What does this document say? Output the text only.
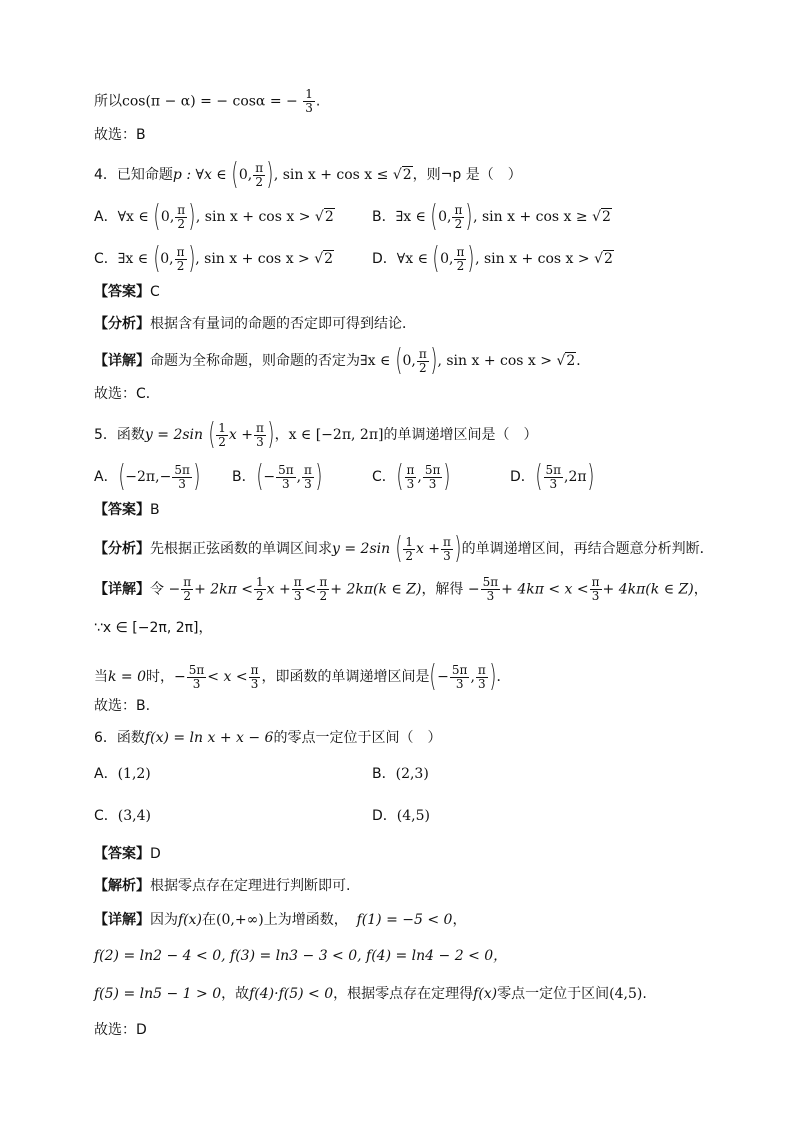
所以cos(π − α) = − cosα = − $\frac{1}{3}$ .
故选：B
4．已知命题p : ∀x ∈ (0, $\frac{\pi}{2}$ ), sin x + cos x ≤ √2，则¬p 是（　）
A．∀x ∈ (0, $\frac{\pi}{2}$ ), sin x + cos x > √2	B．∃x ∈ (0, $\frac{\pi}{2}$ ), sin x + cos x ≥ √2
C．∃x ∈ (0, $\frac{\pi}{2}$ ), sin x + cos x > √2	D．∀x ∈ (0, $\frac{\pi}{2}$ ), sin x + cos x > √2
【答案】C
【分析】根据含有量词的命题的否定即可得到结论．
【详解】命题为全称命题，则命题的否定为∃x ∈ (0, $\frac{\pi}{2}$ ), sin x + cos x > √2．
故选：C．
5．函数y = 2sin ( $\frac{1}{2}$ $x + \frac{\pi}{3}$ )，x ∈ [−2π, 2π]的单调递增区间是（　）
A．($-2\pi,- \frac{5\pi}{3}$ ) B．(− $\frac{5\pi}{3}$ , $\frac{\pi}{3}$ )	C．( $\frac{\pi}{3}$ , $\frac{5\pi}{3}$ )	D．( $\frac{5\pi}{3} ,2\pi$)
【答案】B
【分析】先根据正弦函数的单调区间求y = 2sin ( $\frac{1}{2}$ $x + \frac{\pi}{3}$ )的单调递增区间，再结合题意分析判断．
【详解】令 − $\frac{\pi}{2} + 2k\pi < \frac{1}{2}$ $x + \frac{\pi}{3} < \frac{\pi}{2} + 2k\pi(k$ ∈ Z)，解得 − $\frac{5\pi}{3} + 4k\pi < x < \frac{\pi}{3} + 4k\pi(k$ ∈ Z)，
∵x ∈ [−2π, 2π]，
当k = 0时，− $\frac{5\pi}{3} < x < \frac{\pi}{3}$ ，即函数的单调递增区间是(− $\frac{5\pi}{3}$ , $\frac{\pi}{3}$ )．
故选：B.
6．函数f(x) = ln x + x − 6的零点一定位于区间（　）
A．(1,2)	B．(2,3)
C．(3,4)	D．(4,5)
【答案】D
【解析】根据零点存在定理进行判断即可.
【详解】因为f(x)在(0,+∞)上为增函数， f(1) = −5 < 0，
f(2) = ln2 − 4 < 0, f(3) = ln3 − 3 < 0, f(4) = ln4 − 2 < 0，
f(5) = ln5 − 1 > 0，故f(4)·f(5) < 0，根据零点存在定理得f(x)零点一定位于区间(4,5).
故选：D
